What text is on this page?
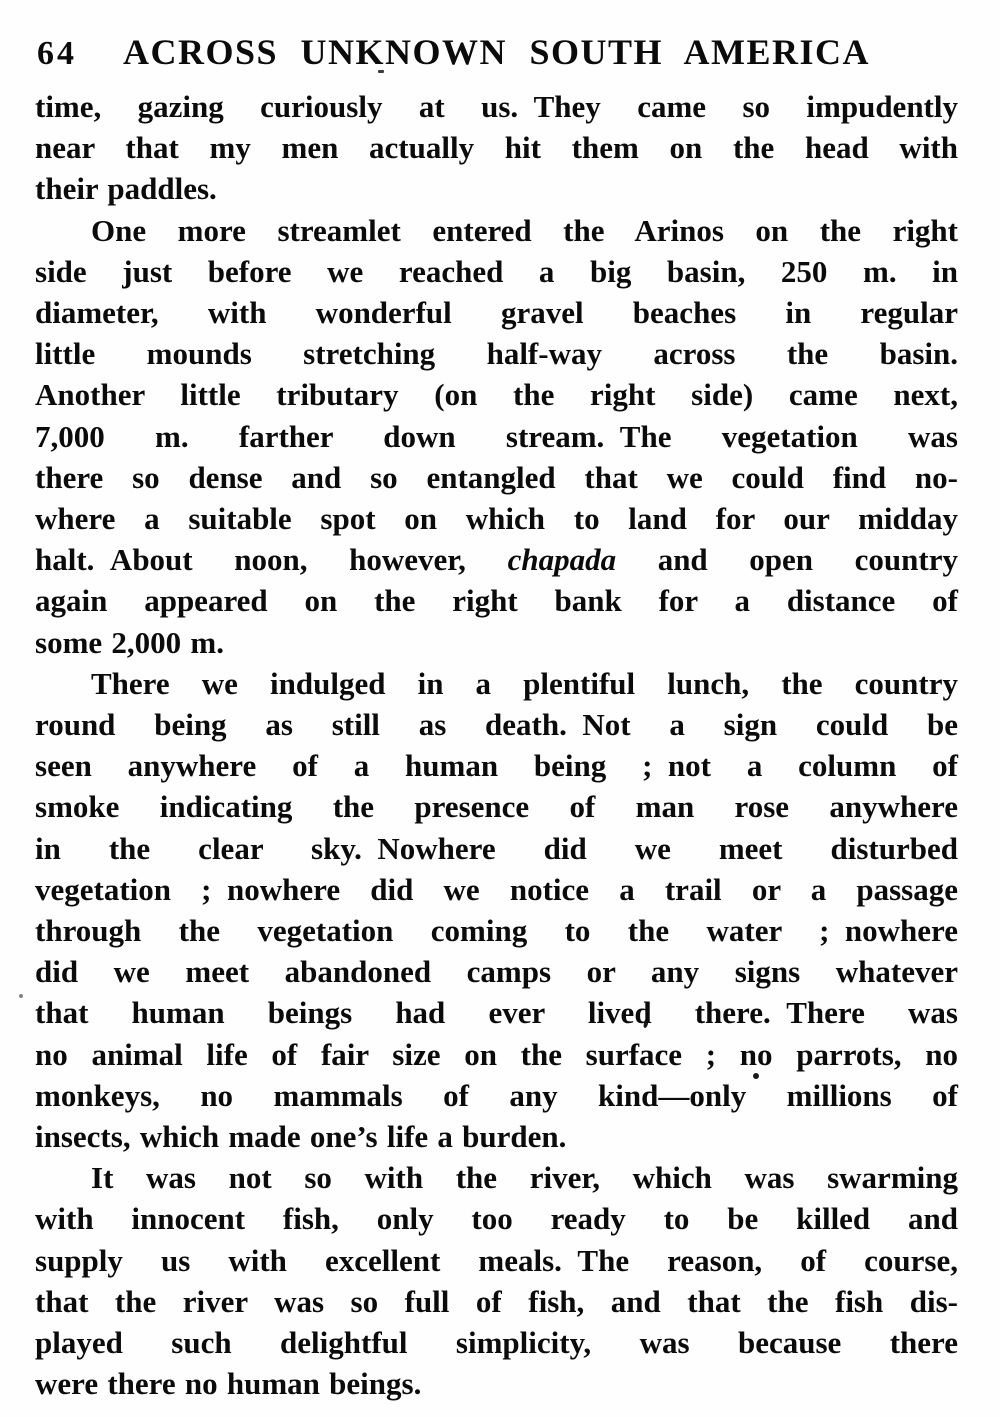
64 ACROSS UNKNOWN SOUTH AMERICA
time, gazing curiously at us. They came so impudently
near that my men actually hit them on the head with
their paddles.
One more streamlet entered the Arinos on the right
side just before we reached a big basin, 250 m. in
diameter, with wonderful gravel beaches in regular
little mounds stretching half-way across the basin.
Another little tributary (on the right side) came next,
7,000 m. farther down stream. The vegetation was
there so dense and so entangled that we could find no-
where a suitable spot on which to land for our midday
halt. About noon, however, chapada and open country
again appeared on the right bank for a distance of
some 2,000 m.
There we indulged in a plentiful lunch, the country
round being as still as death. Not a sign could be
seen anywhere of a human being ; not a column of
smoke indicating the presence of man rose anywhere
in the clear sky. Nowhere did we meet disturbed
vegetation ; nowhere did we notice a trail or a passage
through the vegetation coming to the water ; nowhere
did we meet abandoned camps or any signs whatever
that human beings had ever lived there. There was
no animal life of fair size on the surface ; no parrots, no
monkeys, no mammals of any kind—only millions of
insects, which made one’s life a burden.
It was not so with the river, which was swarming
with innocent fish, only too ready to be killed and
supply us with excellent meals. The reason, of course,
that the river was so full of fish, and that the fish dis-
played such delightful simplicity, was because there
were there no human beings.
